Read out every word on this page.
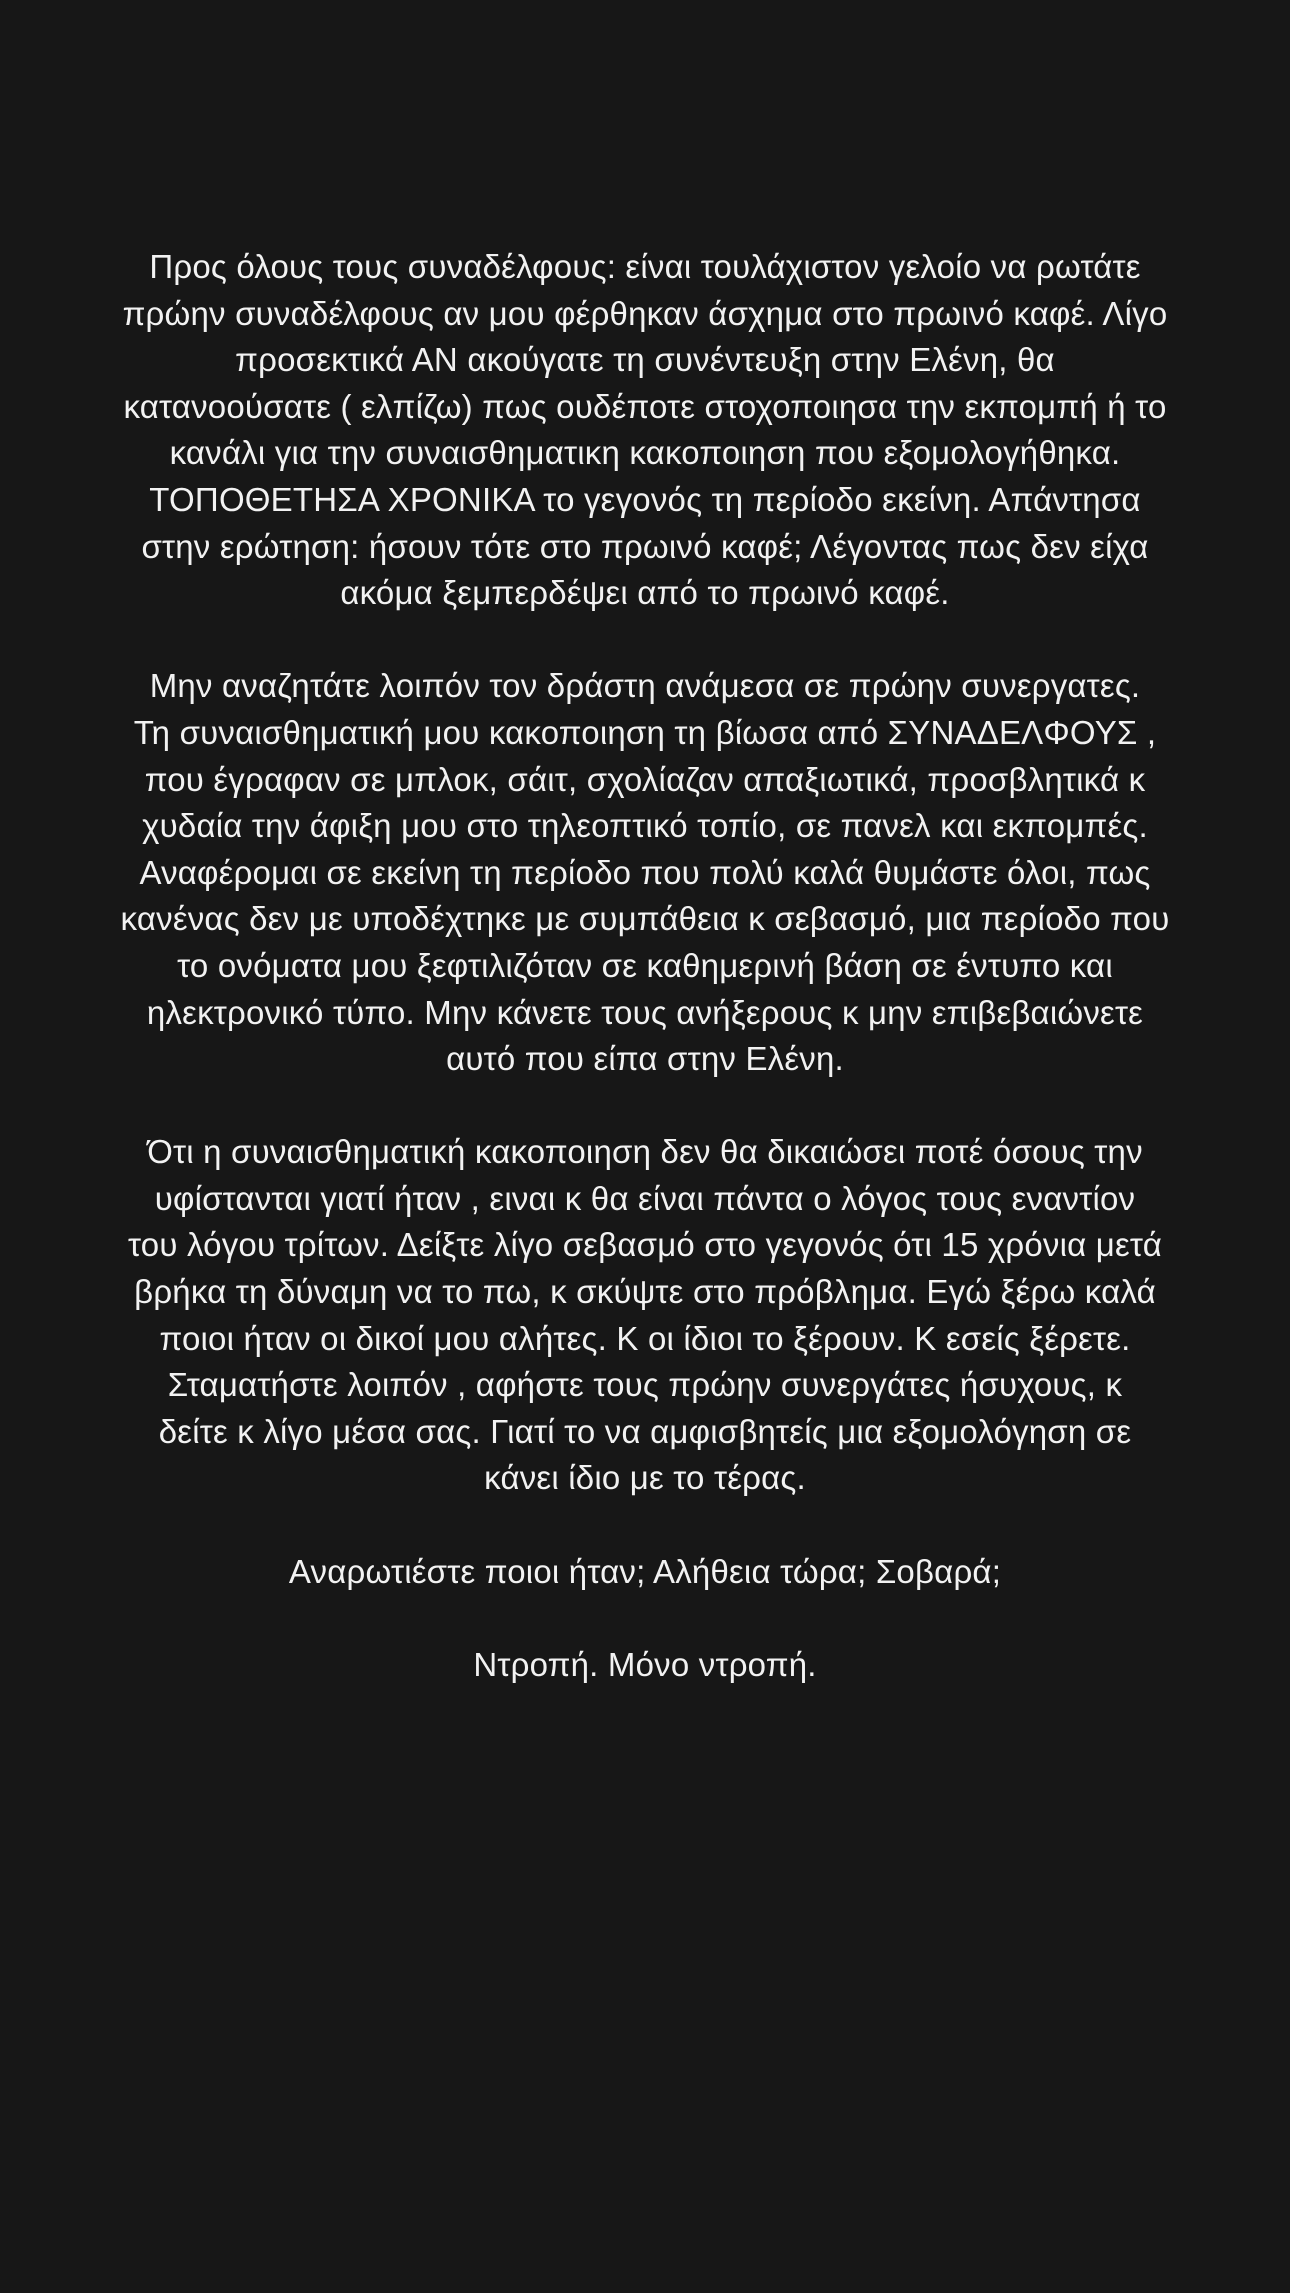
Προς όλους τους συναδέλφους: είναι τουλάχιστον γελοίο να ρωτάτε
πρώην συναδέλφους αν μου φέρθηκαν άσχημα στο πρωινό καφέ. Λίγο
προσεκτικά ΑΝ ακούγατε τη συνέντευξη στην Ελένη, θα
κατανοούσατε ( ελπίζω) πως ουδέποτε στοχοποιησα την εκπομπή ή το
κανάλι για την συναισθηματικη κακοποιηση που εξομολογήθηκα.
ΤΟΠΟΘΕΤΗΣΑ ΧΡΟΝΙΚΑ το γεγονός τη περίοδο εκείνη. Απάντησα
στην ερώτηση: ήσουν τότε στο πρωινό καφέ; Λέγοντας πως δεν είχα
ακόμα ξεμπερδέψει από το πρωινό καφέ.

Μην αναζητάτε λοιπόν τον δράστη ανάμεσα σε πρώην συνεργατες.
Τη συναισθηματική μου κακοποιηση τη βίωσα από ΣΥΝΑΔΕΛΦΟΥΣ ,
που έγραφαν σε μπλοκ, σάιτ, σχολίαζαν απαξιωτικά, προσβλητικά κ
χυδαία την άφιξη μου στο τηλεοπτικό τοπίο, σε πανελ και εκπομπές.
Αναφέρομαι σε εκείνη τη περίοδο που πολύ καλά θυμάστε όλοι, πως
κανένας δεν με υποδέχτηκε με συμπάθεια κ σεβασμό, μια περίοδο που
το ονόματα μου ξεφτιλιζόταν σε καθημερινή βάση σε έντυπο και
ηλεκτρονικό τύπο. Μην κάνετε τους ανήξερους κ μην επιβεβαιώνετε
αυτό που είπα στην Ελένη.

Ότι η συναισθηματική κακοποιηση δεν θα δικαιώσει ποτέ όσους την
υφίστανται γιατί ήταν , ειναι κ θα είναι πάντα ο λόγος τους εναντίον
του λόγου τρίτων. Δείξτε λίγο σεβασμό στο γεγονός ότι 15 χρόνια μετά
βρήκα τη δύναμη να το πω, κ σκύψτε στο πρόβλημα. Εγώ ξέρω καλά
ποιοι ήταν οι δικοί μου αλήτες. Κ οι ίδιοι το ξέρουν. Κ εσείς ξέρετε.
Σταματήστε λοιπόν , αφήστε τους πρώην συνεργάτες ήσυχους, κ
δείτε κ λίγο μέσα σας. Γιατί το να αμφισβητείς μια εξομολόγηση σε
κάνει ίδιο με το τέρας.

Αναρωτιέστε ποιοι ήταν; Αλήθεια τώρα; Σοβαρά;

Ντροπή. Μόνο ντροπή.
